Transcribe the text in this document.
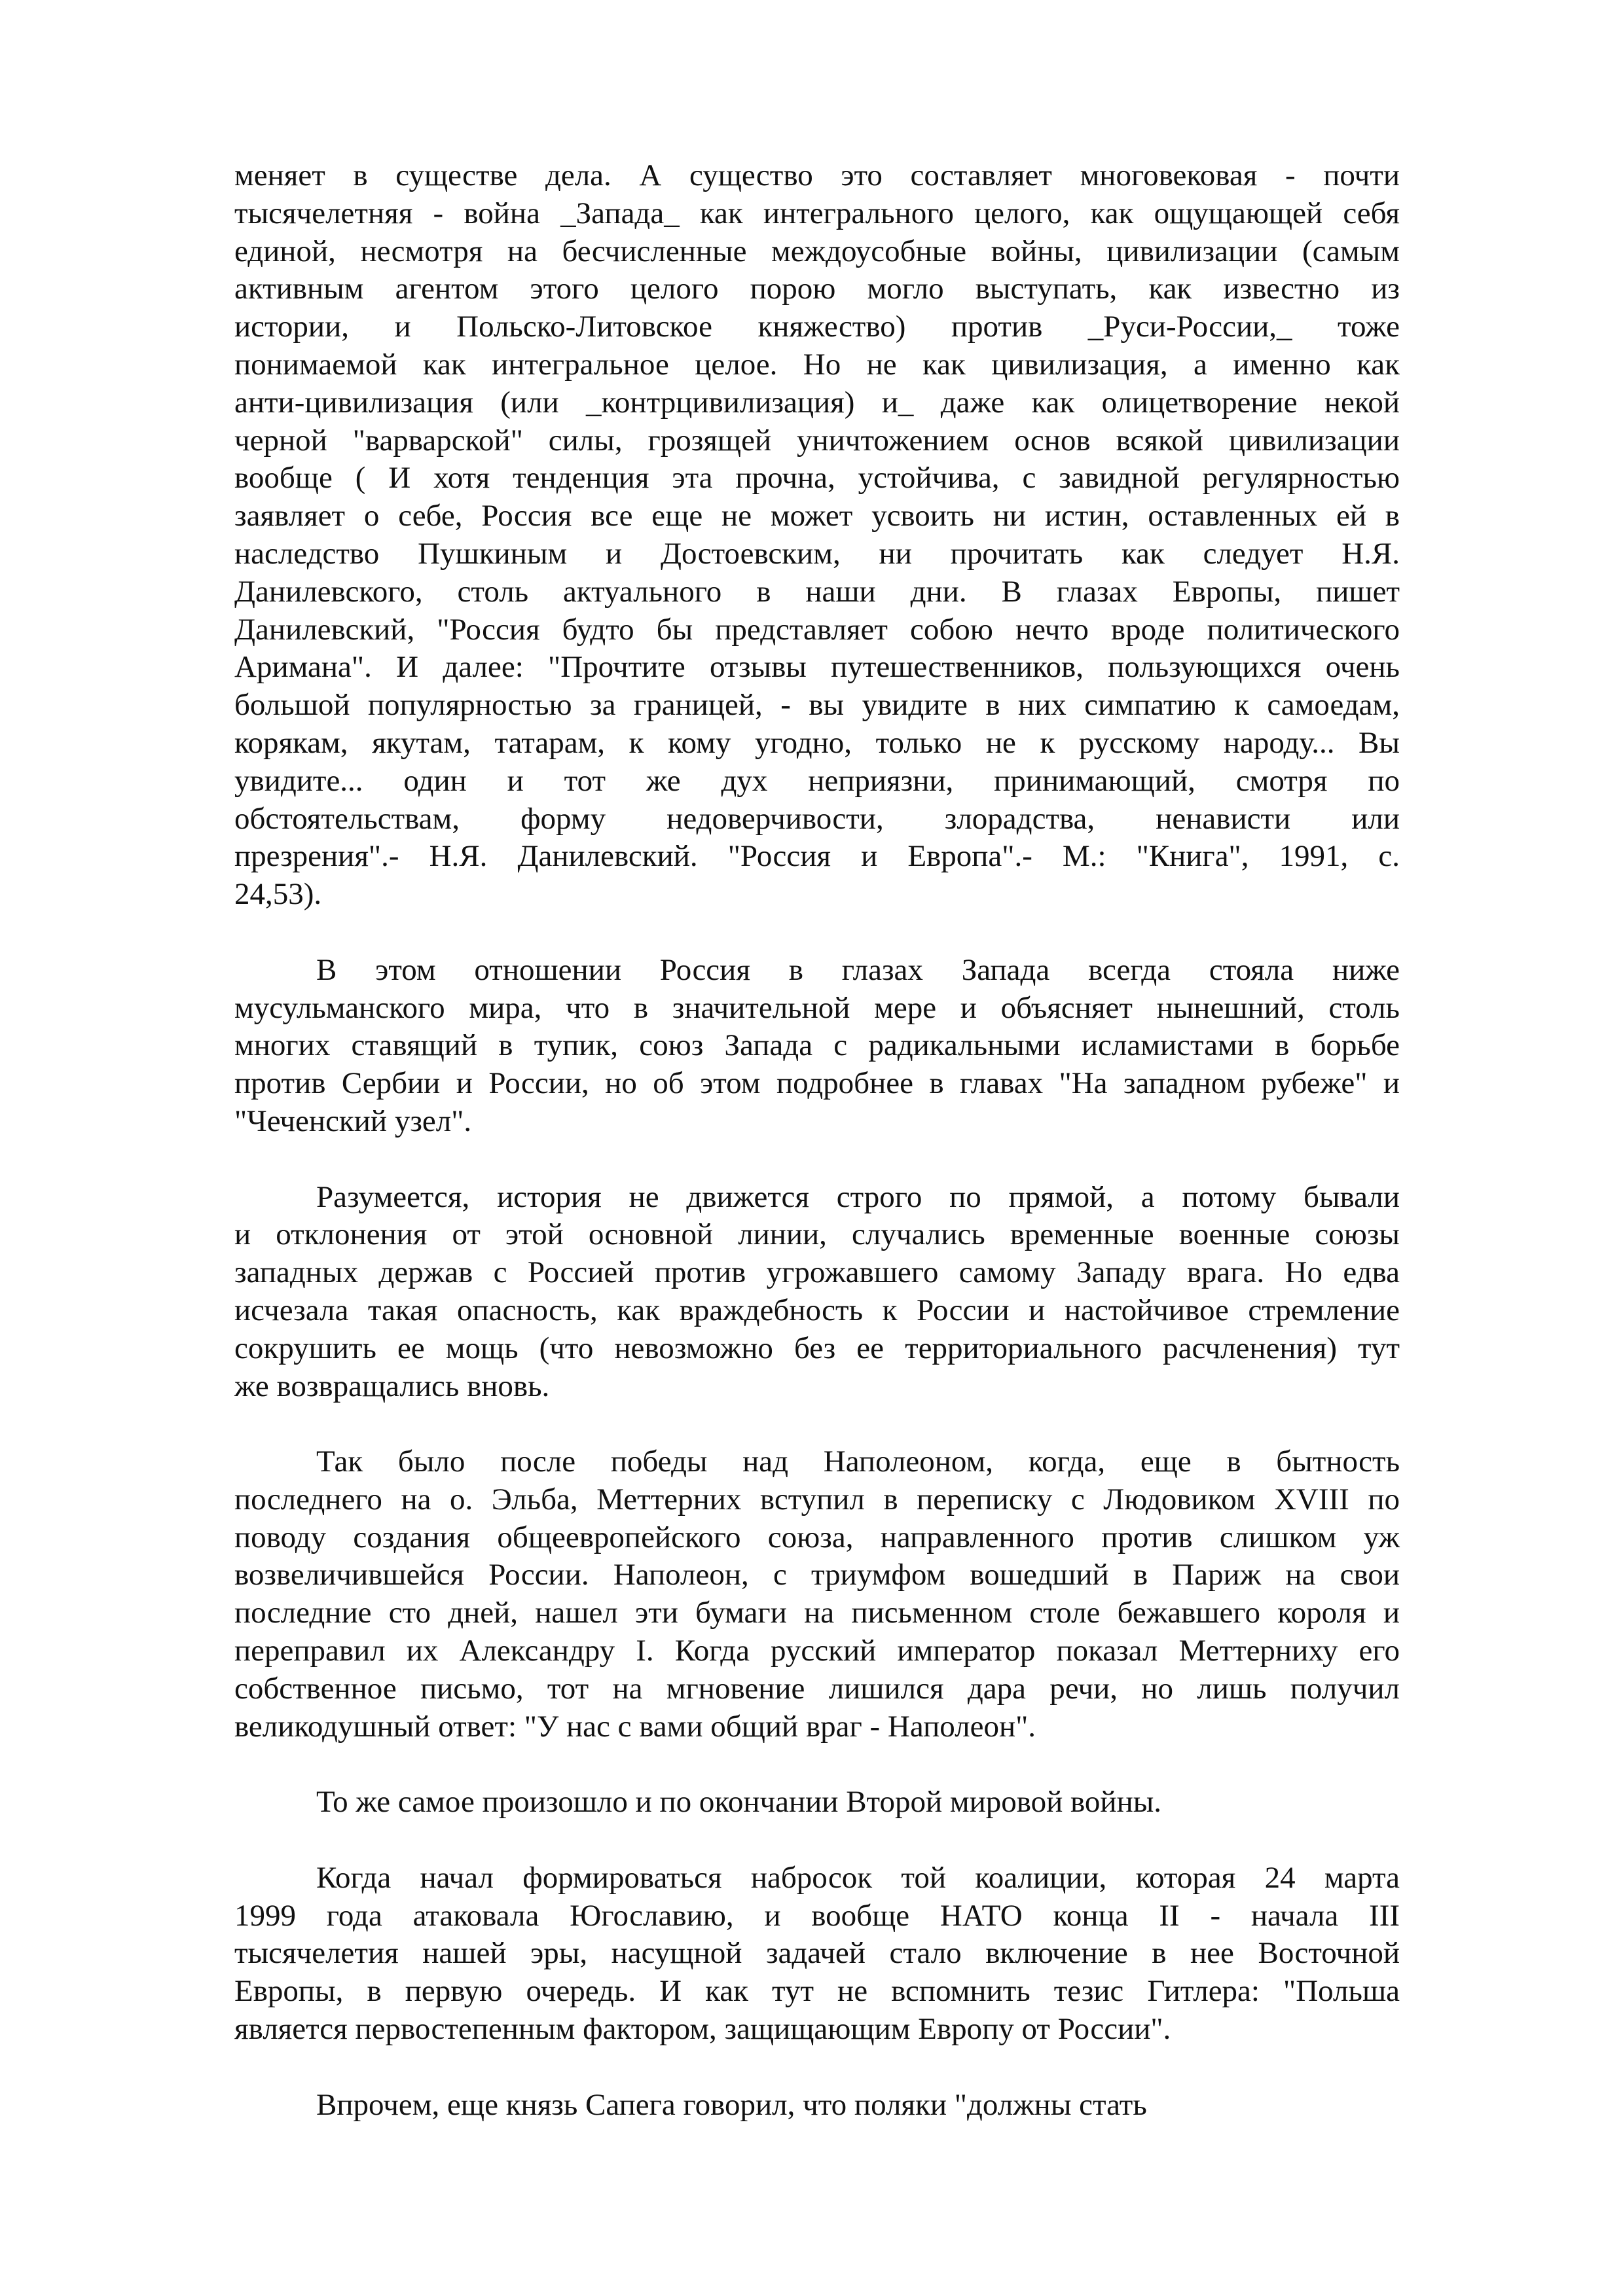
меняет в существе дела. А существо это составляет многовековая - почти
тысячелетняя - война _Запада_ как интегрального целого, как ощущающей себя
единой, несмотря на бесчисленные междоусобные войны, цивилизации (самым
активным агентом этого целого порою могло выступать, как известно из
истории, и Польско-Литовское княжество) против _Руси-России,_ тоже
понимаемой как интегральное целое. Но не как цивилизация, а именно как
анти-цивилизация (или _контрцивилизация) и_ даже как олицетворение некой
черной "варварской" силы, грозящей уничтожением основ всякой цивилизации
вообще ( И хотя тенденция эта прочна, устойчива, с завидной регулярностью
заявляет о себе, Россия все еще не может усвоить ни истин, оставленных ей в
наследство Пушкиным и Достоевским, ни прочитать как следует Н.Я.
Данилевского, столь актуального в наши дни. В глазах Европы, пишет
Данилевский, "Россия будто бы представляет собою нечто вроде политического
Аримана". И далее: "Прочтите отзывы путешественников, пользующихся очень
большой популярностью за границей, - вы увидите в них симпатию к самоедам,
корякам, якутам, татарам, к кому угодно, только не к русскому народу... Вы
увидите... один и тот же дух неприязни, принимающий, смотря по
обстоятельствам, форму недоверчивости, злорадства, ненависти или
презрения".- Н.Я. Данилевский. "Россия и Европа".- М.: "Книга", 1991, с.
24,53).
В этом отношении Россия в глазах Запада всегда стояла ниже
мусульманского мира, что в значительной мере и объясняет нынешний, столь
многих ставящий в тупик, союз Запада с радикальными исламистами в борьбе
против Сербии и России, но об этом подробнее в главах "На западном рубеже" и
"Чеченский узел".
Разумеется, история не движется строго по прямой, а потому бывали
и отклонения от этой основной линии, случались временные военные союзы
западных держав с Россией против угрожавшего самому Западу врага. Но едва
исчезала такая опасность, как враждебность к России и настойчивое стремление
сокрушить ее мощь (что невозможно без ее территориального расчленения) тут
же возвращались вновь.
Так было после победы над Наполеоном, когда, еще в бытность
последнего на о. Эльба, Меттерних вступил в переписку с Людовиком XVIII по
поводу создания общеевропейского союза, направленного против слишком уж
возвеличившейся России. Наполеон, с триумфом вошедший в Париж на свои
последние сто дней, нашел эти бумаги на письменном столе бежавшего короля и
переправил их Александру I. Когда русский император показал Меттерниху его
собственное письмо, тот на мгновение лишился дара речи, но лишь получил
великодушный ответ: "У нас с вами общий враг - Наполеон".
То же самое произошло и по окончании Второй мировой войны.
Когда начал формироваться набросок той коалиции, которая 24 марта
1999 года атаковала Югославию, и вообще НАТО конца II - начала III
тысячелетия нашей эры, насущной задачей стало включение в нее Восточной
Европы, в первую очередь. И как тут не вспомнить тезис Гитлера: "Польша
является первостепенным фактором, защищающим Европу от России".
Впрочем, еще князь Сапега говорил, что поляки "должны стать
